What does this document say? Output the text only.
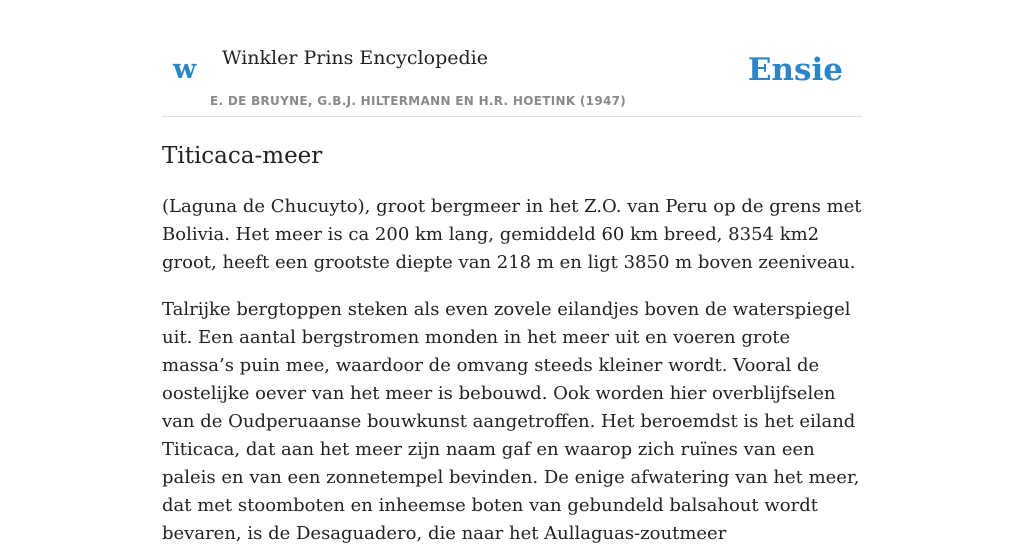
w Winkler Prins Encyclopedie
E. DE BRUYNE, G.B.J. HILTERMANN EN H.R. HOETINK (1947)
Ensie
Titicaca-meer

(Laguna de Chucuyto), groot bergmeer in het Z.O. van Peru op de grens met Bolivia. Het meer is ca 200 km lang, gemiddeld 60 km breed, 8354 km2 groot, heeft een grootste diepte van 218 m en ligt 3850 m boven zeeniveau.

Talrijke bergtoppen steken als even zovele eilandjes boven de waterspiegel uit. Een aantal bergstromen monden in het meer uit en voeren grote massa’s puin mee, waardoor de omvang steeds kleiner wordt. Vooral de oostelijke oever van het meer is bebouwd. Ook worden hier overblijfselen van de Oudperuaanse bouwkunst aangetroffen. Het beroemdst is het eiland Titicaca, dat aan het meer zijn naam gaf en waarop zich ruïnes van een paleis en van een zonnetempel bevinden. De enige afwatering van het meer, dat met stoomboten en inheemse boten van gebundeld balsahout wordt bevaren, is de Desaguadero, die naar het Aullaguas-zoutmeer
